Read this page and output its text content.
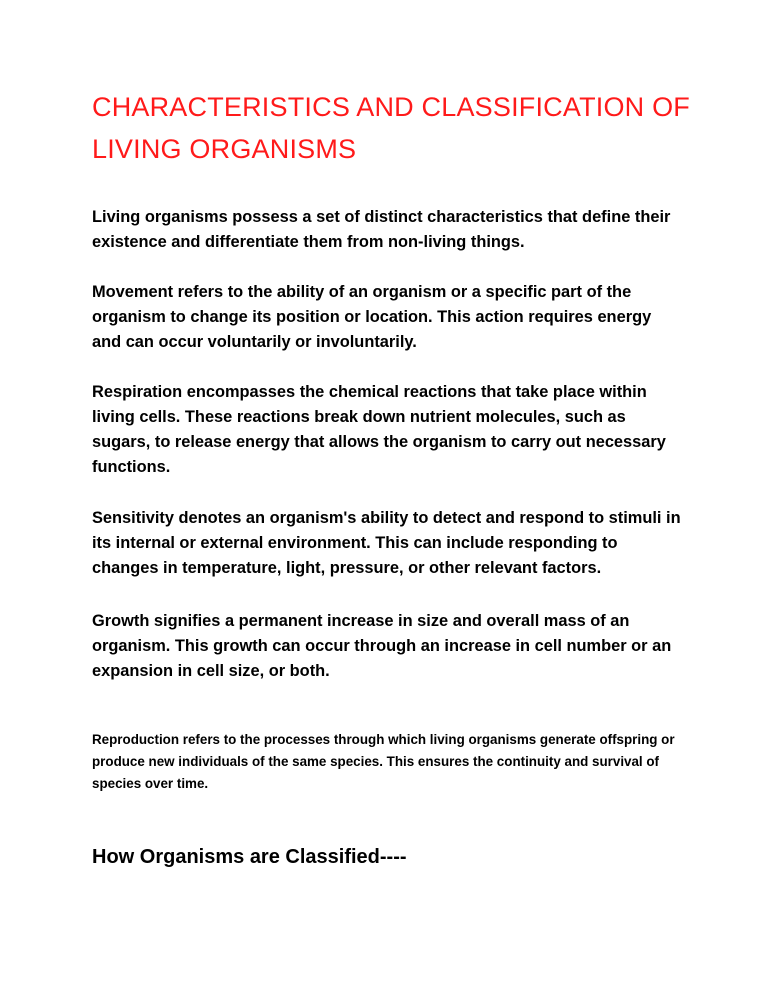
CHARACTERISTICS AND CLASSIFICATION OF LIVING ORGANISMS

Living organisms possess a set of distinct characteristics that define their existence and differentiate them from non-living things.

Movement refers to the ability of an organism or a specific part of the organism to change its position or location. This action requires energy and can occur voluntarily or involuntarily.

Respiration encompasses the chemical reactions that take place within living cells. These reactions break down nutrient molecules, such as sugars, to release energy that allows the organism to carry out necessary functions.

Sensitivity denotes an organism's ability to detect and respond to stimuli in its internal or external environment. This can include responding to changes in temperature, light, pressure, or other relevant factors.

Growth signifies a permanent increase in size and overall mass of an organism. This growth can occur through an increase in cell number or an expansion in cell size, or both.

Reproduction refers to the processes through which living organisms generate offspring or produce new individuals of the same species. This ensures the continuity and survival of species over time.

How Organisms are Classified----
